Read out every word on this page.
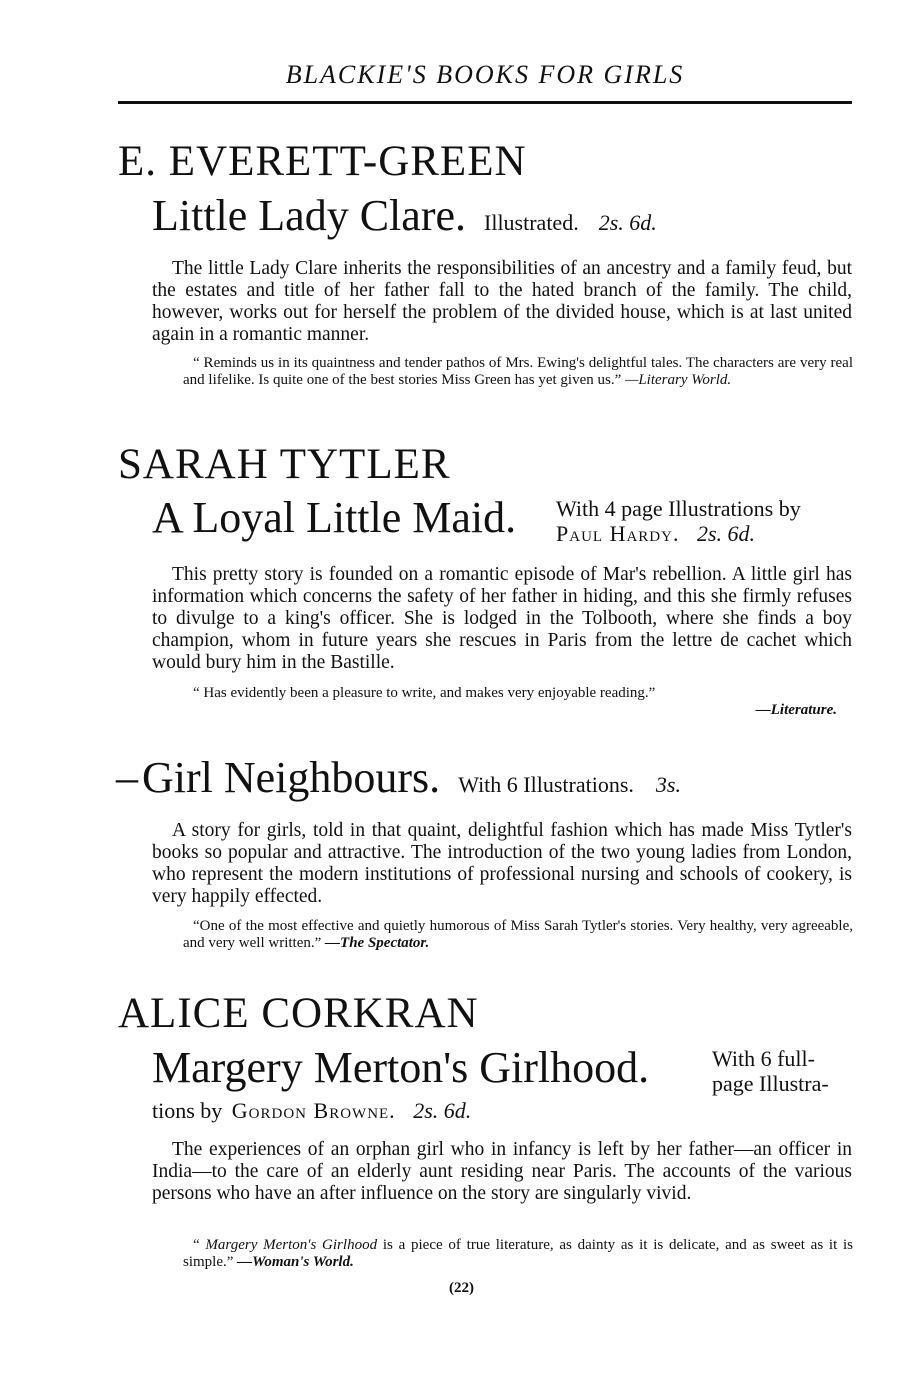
BLACKIE'S BOOKS FOR GIRLS
E. EVERETT-GREEN
Little Lady Clare. Illustrated. 2s. 6d.
The little Lady Clare inherits the responsibilities of an ancestry and a family feud, but the estates and title of her father fall to the hated branch of the family. The child, however, works out for herself the problem of the divided house, which is at last united again in a romantic manner.
“ Reminds us in its quaintness and tender pathos of Mrs. Ewing's delightful tales. The characters are very real and lifelike. Is quite one of the best stories Miss Green has yet given us.” —Literary World.
SARAH TYTLER
A Loyal Little Maid. With 4 page Illustrations by
Paul Hardy. 2s. 6d.
This pretty story is founded on a romantic episode of Mar's rebellion. A little girl has information which concerns the safety of her father in hiding, and this she firmly refuses to divulge to a king's officer. She is lodged in the Tolbooth, where she finds a boy champion, whom in future years she rescues in Paris from the lettre de cachet which would bury him in the Bastille.
“ Has evidently been a pleasure to write, and makes very enjoyable reading.”
—Literature.
– Girl Neighbours. With 6 Illustrations. 3s.
A story for girls, told in that quaint, delightful fashion which has made Miss Tytler's books so popular and attractive. The introduction of the two young ladies from London, who represent the modern institutions of professional nursing and schools of cookery, is very happily effected.
“One of the most effective and quietly humorous of Miss Sarah Tytler's stories. Very healthy, very agreeable, and very well written.” —The Spectator.
ALICE CORKRAN
Margery Merton's Girlhood.	With 6 full-
page Illustra-
tions by Gordon Browne. 2s. 6d.
The experiences of an orphan girl who in infancy is left by her father—an officer in India—to the care of an elderly aunt residing near Paris. The accounts of the various persons who have an after influence on the story are singularly vivid.
“ Margery Merton's Girlhood is a piece of true literature, as dainty as it is delicate, and as sweet as it is simple.” —Woman's World.
(22)
